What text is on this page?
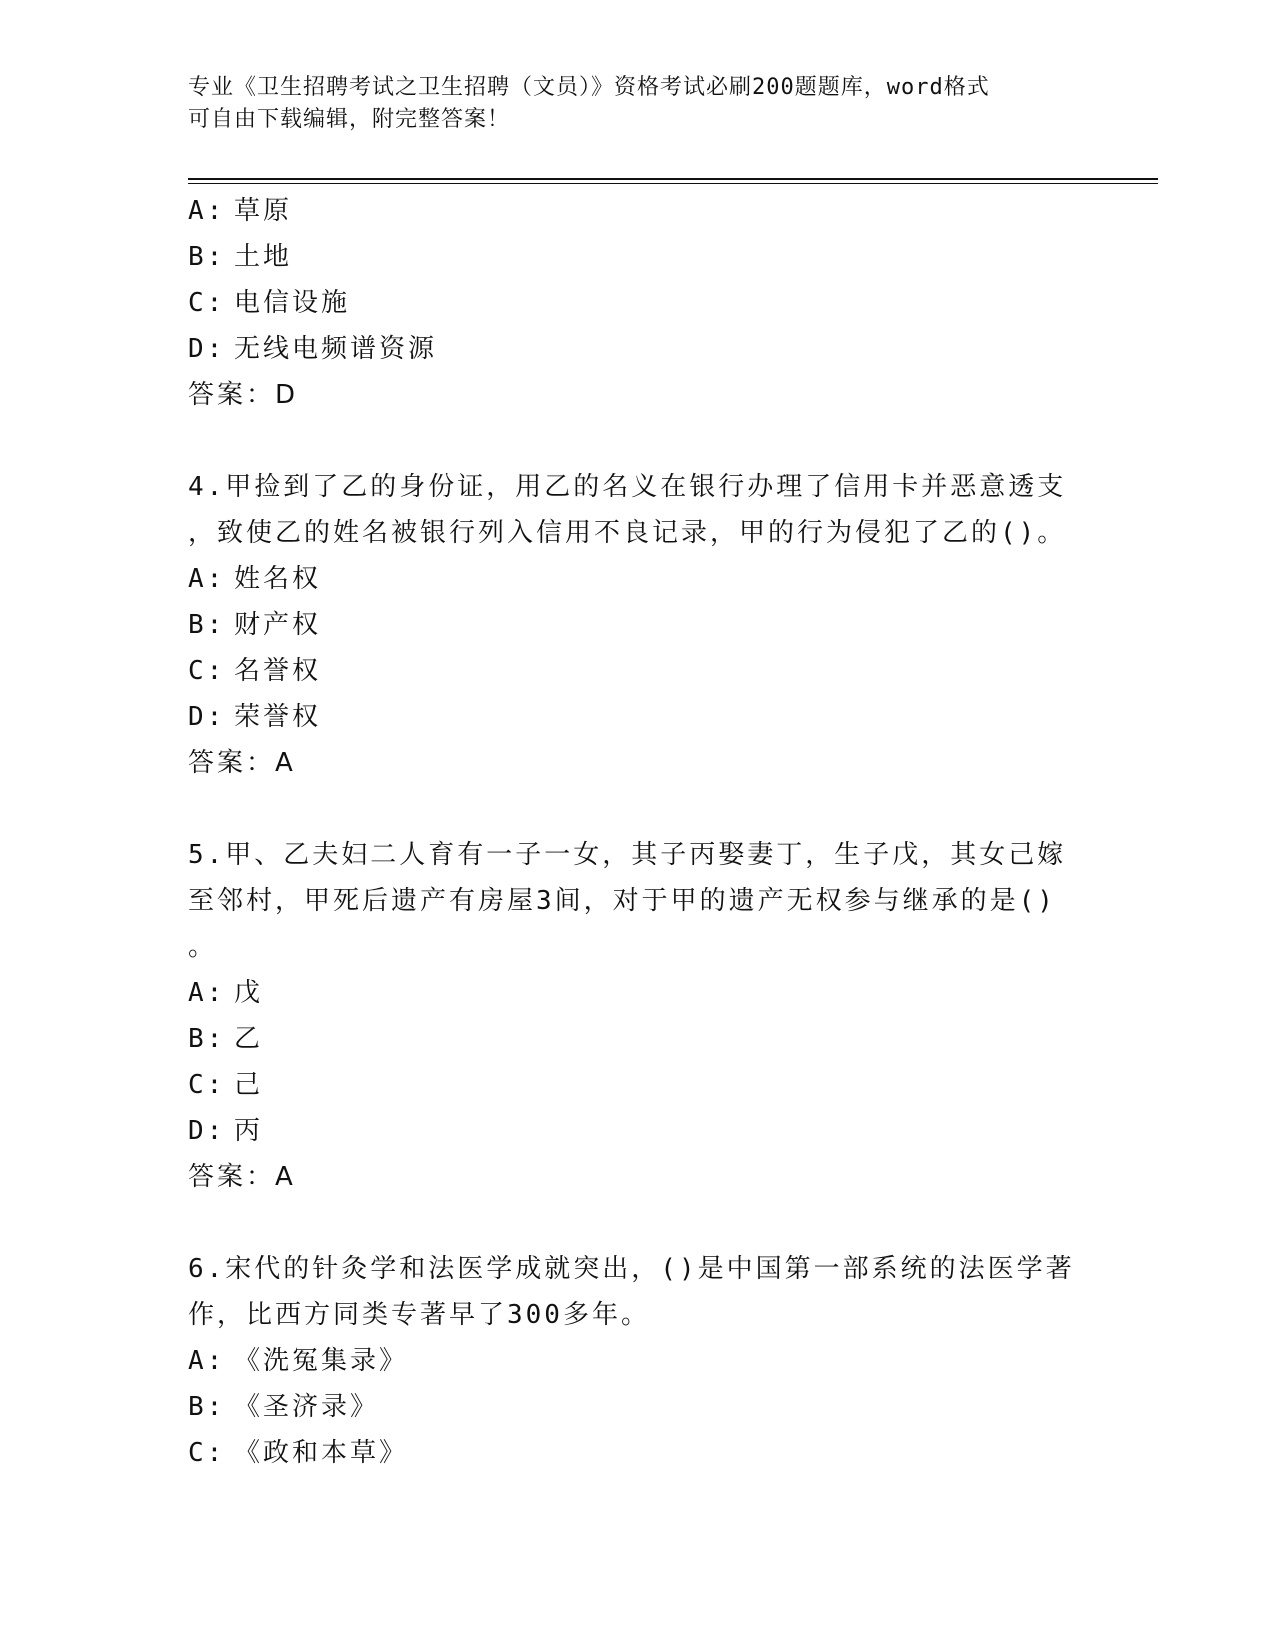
专业《卫生招聘考试之卫生招聘（文员）》资格考试必刷200题题库，word格式
可自由下载编辑，附完整答案！
A: 草原
B: 土地
C: 电信设施
D: 无线电频谱资源
答案：D
4.甲捡到了乙的身份证，用乙的名义在银行办理了信用卡并恶意透支
，致使乙的姓名被银行列入信用不良记录，甲的行为侵犯了乙的()。
A: 姓名权
B: 财产权
C: 名誉权
D: 荣誉权
答案：A
5.甲、乙夫妇二人育有一子一女，其子丙娶妻丁，生子戊，其女己嫁
至邻村，甲死后遗产有房屋3间，对于甲的遗产无权参与继承的是()
。
A: 戊
B: 乙
C: 己
D: 丙
答案：A
6.宋代的针灸学和法医学成就突出，()是中国第一部系统的法医学著
作，比西方同类专著早了300多年。
A: 《洗冤集录》
B: 《圣济录》
C: 《政和本草》
